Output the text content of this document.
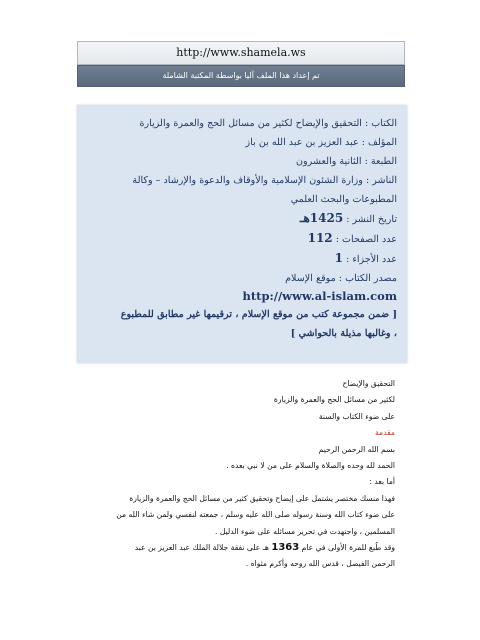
http://www.shamela.ws
تم إعداد هذا الملف آليا بواسطة المكتبة الشاملة
الكتاب : التحقيق والإيضاح لكثير من مسائل الحج والعمرة والزيارة
المؤلف : عبد العزيز بن عبد الله بن باز
الطبعة : الثانية والعشرون
الناشر : وزارة الشئون الإسلامية والأوقاف والدعوة والإرشاد – وكالة
المطبوعات والبحث العلمي
تاريخ النشر : 1425هـ
عدد الصفحات : 112
عدد الأجزاء : 1
مصدر الكتاب : موقع الإسلام
http://www.al-islam.com
[ ضمن مجموعة كتب من موقع الإسلام ، ترقيمها غير مطابق للمطبوع
، وغالبها مذيلة بالحواشي ]
التحقيق والإيضاح
لكثير من مسائل الحج والعمرة والزيارة
على ضوء الكتاب والسنة
مقدمة
بسم الله الرحمن الرحيم
الحمد لله وحده والصلاة والسلام على من لا نبي بعده .
أما بعد :
فهذا منسك مختصر يشتمل على إيضاح وتحقيق كثير من مسائل الحج والعمرة والزيارة
على ضوء كتاب الله وسنة رسوله صلى الله عليه وسلم ، جمعته لنفسي ولمن شاء الله من
المسلمين ، واجتهدت في تحرير مسائله على ضوء الدليل .
وقد طُبع للمرة الأولى في عام 1363 هـ على نفقة جلالة الملك عبد العزيز بن عبد
الرحمن الفيصل ، قدس الله روحه وأكرم مثواه .
